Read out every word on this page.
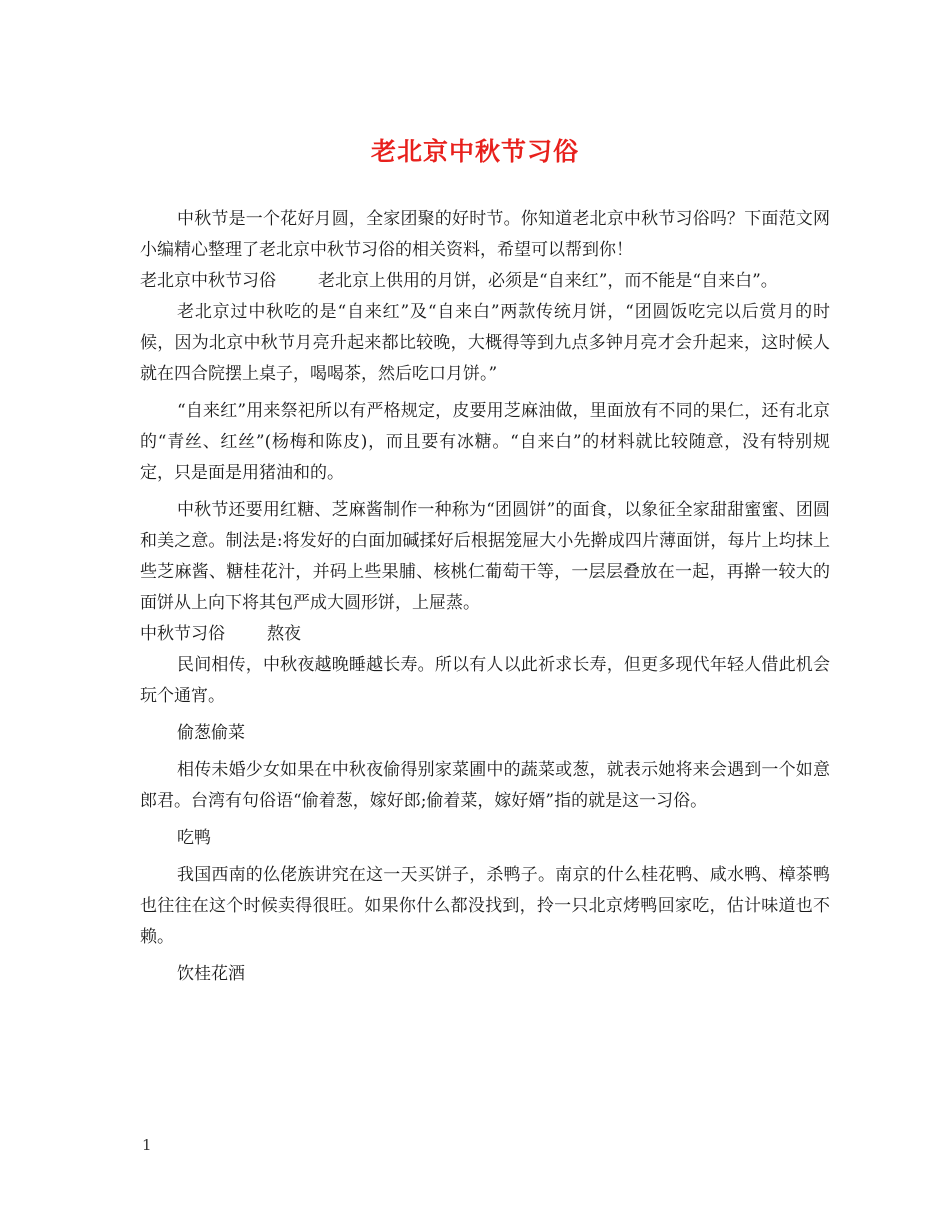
老北京中秋节习俗

中秋节是一个花好月圆，全家团聚的好时节。你知道老北京中秋节习俗吗？下面范文网小编精心整理了老北京中秋节习俗的相关资料，希望可以帮到你！

老北京中秋节习俗 老北京上供用的月饼，必须是“自来红”，而不能是“自来白”。

老北京过中秋吃的是“自来红”及“自来白”两款传统月饼，“团圆饭吃完以后赏月的时候，因为北京中秋节月亮升起来都比较晚，大概得等到九点多钟月亮才会升起来，这时候人就在四合院摆上桌子，喝喝茶，然后吃口月饼。”

“自来红”用来祭祀所以有严格规定，皮要用芝麻油做，里面放有不同的果仁，还有北京的“青丝、红丝”(杨梅和陈皮)，而且要有冰糖。“自来白”的材料就比较随意，没有特别规定，只是面是用猪油和的。

中秋节还要用红糖、芝麻酱制作一种称为“团圆饼”的面食，以象征全家甜甜蜜蜜、团圆和美之意。制法是:将发好的白面加碱揉好后根据笼屉大小先擀成四片薄面饼，每片上均抹上些芝麻酱、糖桂花汁，并码上些果脯、核桃仁葡萄干等，一层层叠放在一起，再擀一较大的面饼从上向下将其包严成大圆形饼，上屉蒸。

中秋节习俗 熬夜

民间相传，中秋夜越晚睡越长寿。所以有人以此祈求长寿，但更多现代年轻人借此机会玩个通宵。

偷葱偷菜

相传未婚少女如果在中秋夜偷得别家菜圃中的蔬菜或葱，就表示她将来会遇到一个如意郎君。台湾有句俗语“偷着葱，嫁好郎;偷着菜，嫁好婿”指的就是这一习俗。

吃鸭

我国西南的仫佬族讲究在这一天买饼子，杀鸭子。南京的什么桂花鸭、咸水鸭、樟茶鸭也往往在这个时候卖得很旺。如果你什么都没找到，拎一只北京烤鸭回家吃，估计味道也不赖。

饮桂花酒

1
